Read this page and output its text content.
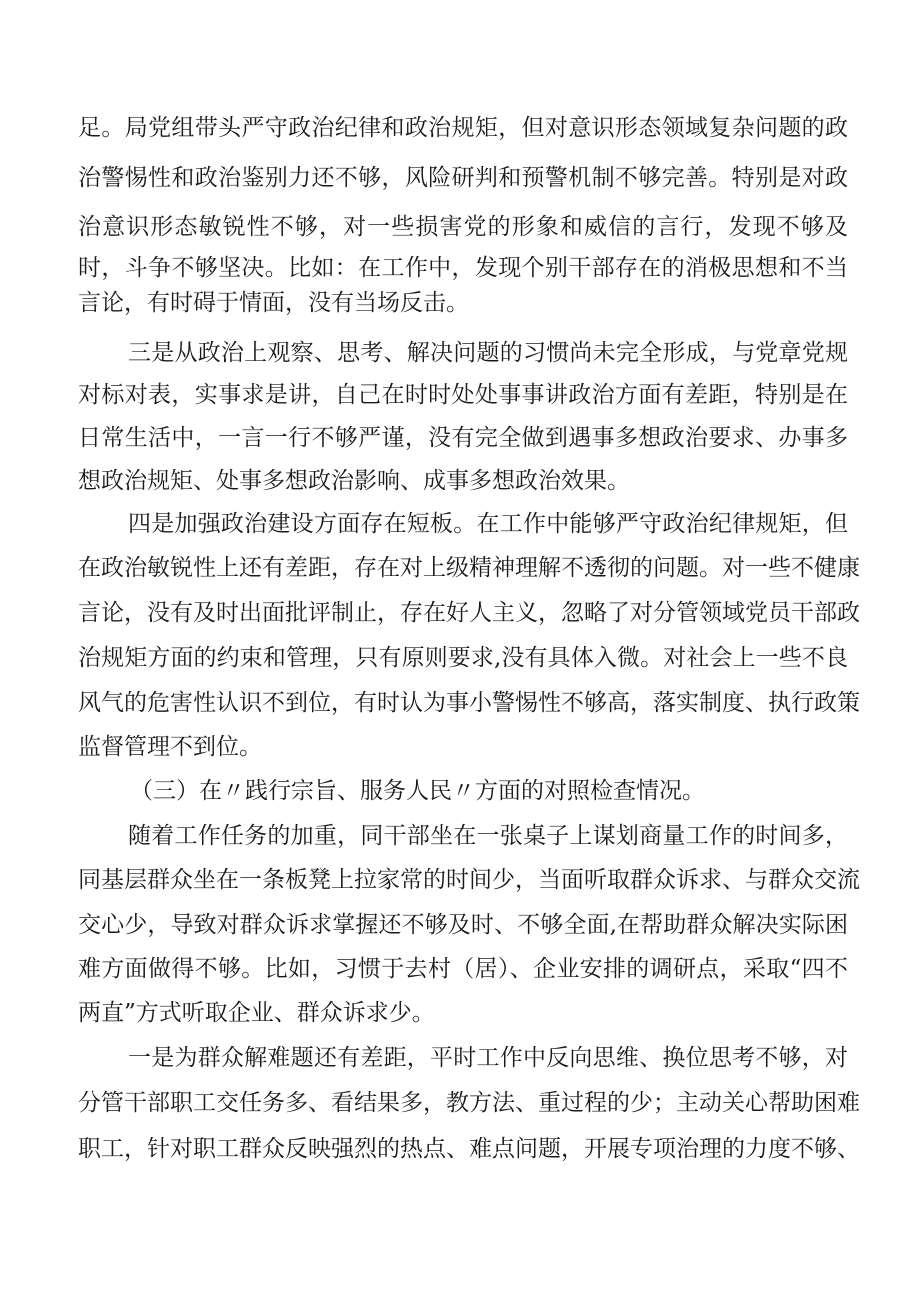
足。局党组带头严守政治纪律和政治规矩，但对意识形态领域复杂问题的政

治警惕性和政治鉴别力还不够，风险研判和预警机制不够完善。特别是对政

治意识形态敏锐性不够，对一些损害党的形象和威信的言行，发现不够及

时，斗争不够坚决。比如：在工作中，发现个别干部存在的消极思想和不当

言论，有时碍于情面，没有当场反击。

三是从政治上观察、思考、解决问题的习惯尚未完全形成，与党章党规

对标对表，实事求是讲，自己在时时处处事事讲政治方面有差距，特别是在

日常生活中，一言一行不够严谨，没有完全做到遇事多想政治要求、办事多

想政治规矩、处事多想政治影响、成事多想政治效果。

四是加强政治建设方面存在短板。在工作中能够严守政治纪律规矩，但

在政治敏锐性上还有差距，存在对上级精神理解不透彻的问题。对一些不健康

言论，没有及时出面批评制止，存在好人主义，忽略了对分管领域党员干部政

治规矩方面的约束和管理，只有原则要求,没有具体入微。对社会上一些不良

风气的危害性认识不到位，有时认为事小警惕性不够高，落实制度、执行政策

监督管理不到位。

（三）在〃践行宗旨、服务人民〃方面的对照检查情况。

随着工作任务的加重，同干部坐在一张桌子上谋划商量工作的时间多，

同基层群众坐在一条板凳上拉家常的时间少，当面听取群众诉求、与群众交流

交心少，导致对群众诉求掌握还不够及时、不够全面,在帮助群众解决实际困

难方面做得不够。比如，习惯于去村（居）、企业安排的调研点，采取“四不

两直”方式听取企业、群众诉求少。

一是为群众解难题还有差距，平时工作中反向思维、换位思考不够，对

分管干部职工交任务多、看结果多，教方法、重过程的少；主动关心帮助困难

职工，针对职工群众反映强烈的热点、难点问题，开展专项治理的力度不够、
